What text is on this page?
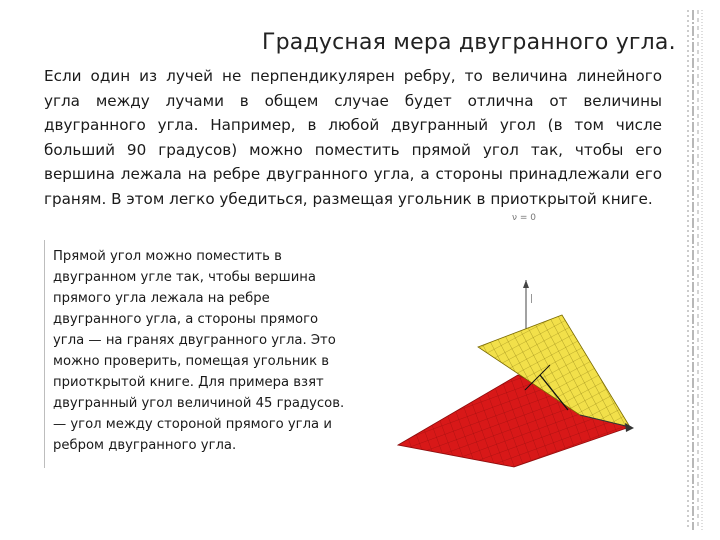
Градусная мера двугранного угла.
Если один из лучей не перпендикулярен ребру, то величина линейного угла между лучами в общем случае будет отлична от величины двугранного угла. Например, в любой двугранный угол (в том числе больший 90 градусов) можно поместить прямой угол так, чтобы его вершина лежала на ребре двугранного угла, а стороны принадлежали его граням. В этом легко убедиться, размещая угольник в приоткрытой книге.
Прямой угол можно поместить в
двугранном угле так, чтобы вершина
прямого угла лежала на ребре
двугранного угла, а стороны прямого
угла — на гранях двугранного угла. Это
можно проверить, помещая угольник в
приоткрытой книге. Для примера взят
двугранный угол величиной 45 градусов.
— угол между стороной прямого угла и
ребром двугранного угла.
ν = 0
|
